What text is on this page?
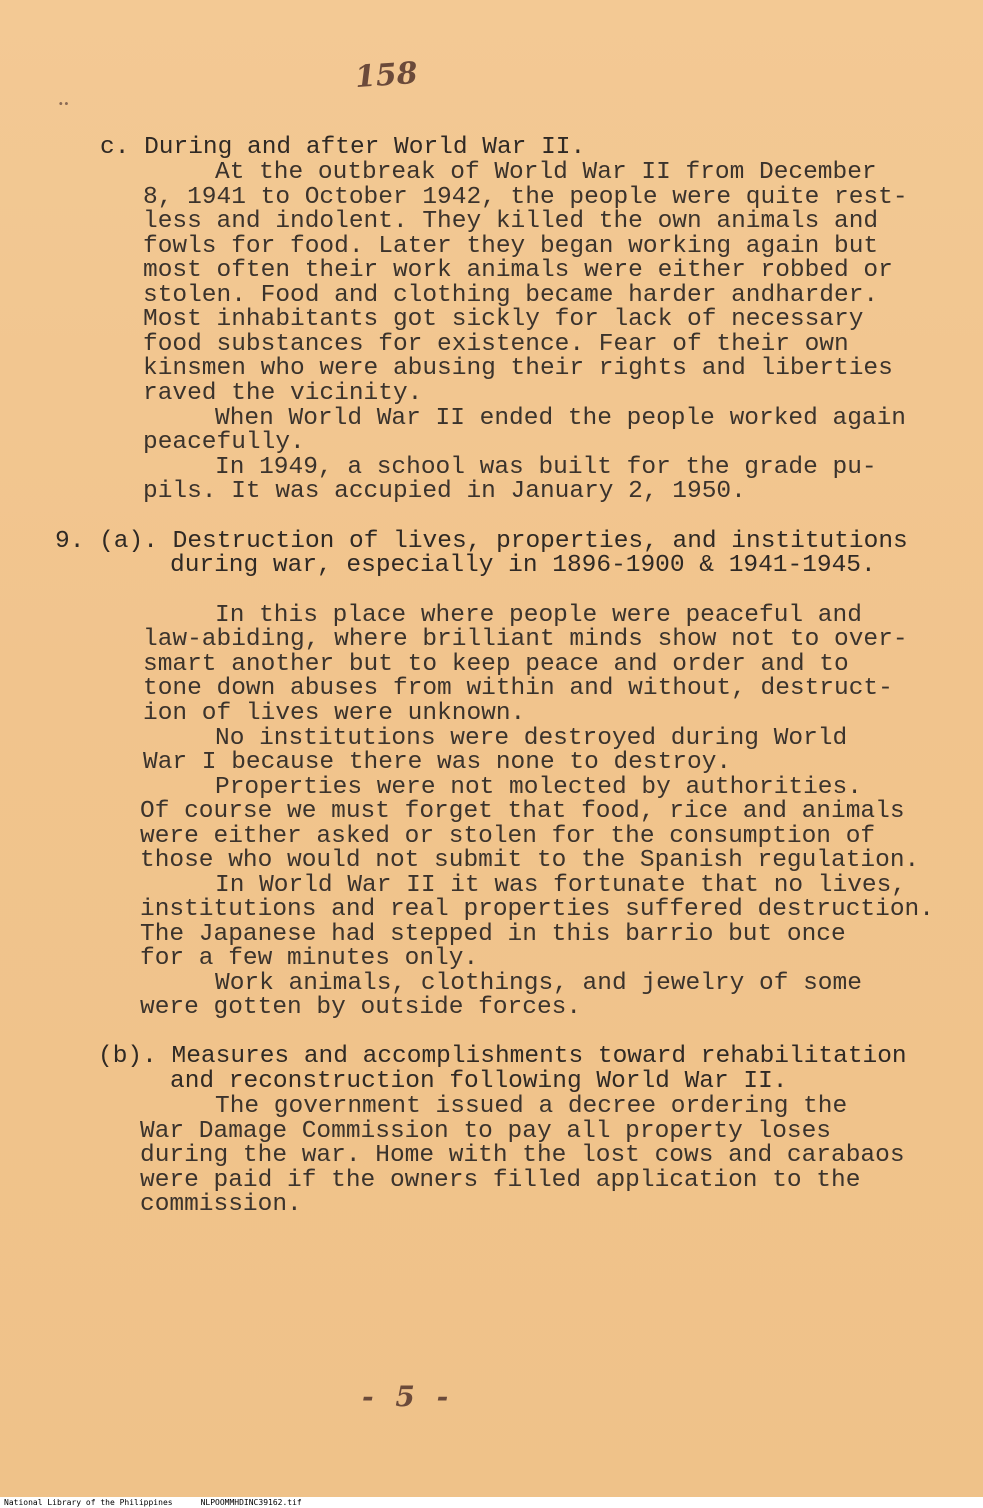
158
..
c. During and after World War II.
At the outbreak of World War II from December
8, 1941 to October 1942, the people were quite rest-
less and indolent. They killed the own animals and
fowls for food. Later they began working again but
most often their work animals were either robbed or
stolen. Food and clothing became harder andharder.
Most inhabitants got sickly for lack of necessary
food substances for existence. Fear of their own
kinsmen who were abusing their rights and liberties
raved the vicinity.
When World War II ended the people worked again
peacefully.
In 1949, a school was built for the grade pu-
pils. It was accupied in January 2, 1950.
9. (a). Destruction of lives, properties, and institutions
during war, especially in 1896-1900 & 1941-1945.
In this place where people were peaceful and
law-abiding, where brilliant minds show not to over-
smart another but to keep peace and order and to
tone down abuses from within and without, destruct-
ion of lives were unknown.
No institutions were destroyed during World
War I because there was none to destroy.
Properties were not molected by authorities.
Of course we must forget that food, rice and animals
were either asked or stolen for the consumption of
those who would not submit to the Spanish regulation.
In World War II it was fortunate that no lives,
institutions and real properties suffered destruction.
The Japanese had stepped in this barrio but once
for a few minutes only.
Work animals, clothings, and jewelry of some
were gotten by outside forces.
(b). Measures and accomplishments toward rehabilitation
and reconstruction following World War II.
The government issued a decree ordering the
War Damage Commission to pay all property loses
during the war. Home with the lost cows and carabaos
were paid if the owners filled application to the
commission.
- 5 -
National Library of the Philippines	NLPOOMMHDINC39162.tif
